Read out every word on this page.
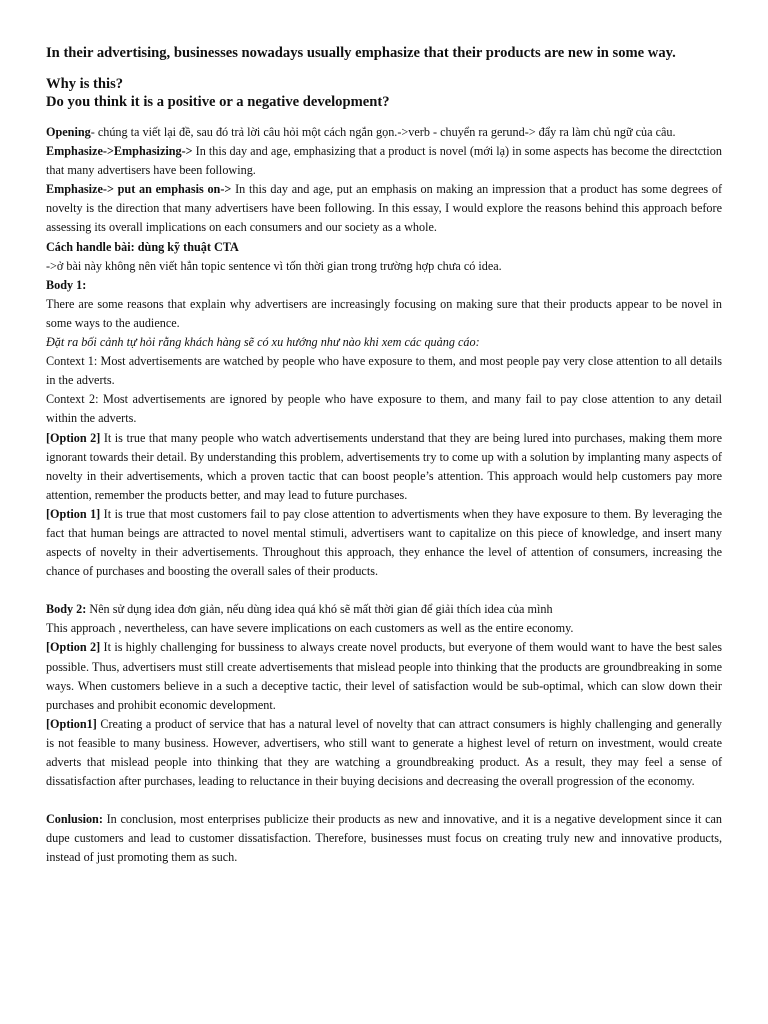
In their advertising, businesses nowadays usually emphasize that their products are new in some way.

Why is this?

Do you think it is a positive or a negative development?

Opening- chúng ta viết lại đề, sau đó trả lời câu hỏi một cách ngắn gọn.->verb - chuyển ra gerund-> đẩy ra làm chủ ngữ của câu.

Emphasize->Emphasizing-> In this day and age, emphasizing that a product is novel (mới lạ) in some aspects has become the directction that many advertisers have been following.

Emphasize-> put an emphasis on-> In this day and age, put an emphasis on making an impression that a product has some degrees of novelty is the direction that many advertisers have been following. In this essay, I would explore the reasons behind this approach before assessing its overall implications on each consumers and our society as a whole.

Cách handle bài: dùng kỹ thuật CTA

->ở bài này không nên viết hẳn topic sentence vì tốn thời gian trong trường hợp chưa có idea.

Body 1:

There are some reasons that explain why advertisers are increasingly focusing on making sure that their products appear to be novel in some ways to the audience.

Đặt ra bối cảnh tự hỏi rằng khách hàng sẽ có xu hướng như nào khi xem các quảng cáo:

Context 1: Most advertisements are watched by people who have exposure to them, and most people pay very close attention to all details in the adverts.

Context 2: Most advertisements are ignored by people who have exposure to them, and many fail to pay close attention to any detail within the adverts.

[Option 2] It is true that many people who watch advertisements understand that they are being lured into purchases, making them more ignorant towards their detail. By understanding this problem, advertisements try to come up with a solution by implanting many aspects of novelty in their advertisements, which a proven tactic that can boost people’s attention. This approach would help customers pay more attention, remember the products better, and may lead to future purchases.

[Option 1] It is true that most customers fail to pay close attention to advertisments when they have exposure to them. By leveraging the fact that human beings are attracted to novel mental stimuli, advertisers want to capitalize on this piece of knowledge, and insert many aspects of novelty in their advertisements. Throughout this approach, they enhance the level of attention of consumers, increasing the chance of purchases and boosting the overall sales of their products.

Body 2: Nên sử dụng idea đơn giản, nếu dùng idea quá khó sẽ mất thời gian để giải thích idea của mình

This approach , nevertheless, can have severe implications on each customers as well as the entire economy.

[Option 2] It is highly challenging for bussiness to always create novel products, but everyone of them would want to have the best sales possible. Thus, advertisers must still create advertisements that mislead people into thinking that the products are groundbreaking in some ways. When customers believe in a such a deceptive tactic, their level of satisfaction would be sub-optimal, which can slow down their purchases and prohibit economic development.

[Option1] Creating a product of service that has a natural level of novelty that can attract consumers is highly challenging and generally is not feasible to many business. However, advertisers, who still want to generate a highest level of return on investment, would create adverts that mislead people into thinking that they are watching a groundbreaking product. As a result, they may feel a sense of dissatisfaction after purchases, leading to reluctance in their buying decisions and decreasing the overall progression of the economy.

Conlusion: In conclusion, most enterprises publicize their products as new and innovative, and it is a negative development since it can dupe customers and lead to customer dissatisfaction. Therefore, businesses must focus on creating truly new and innovative products, instead of just promoting them as such.
